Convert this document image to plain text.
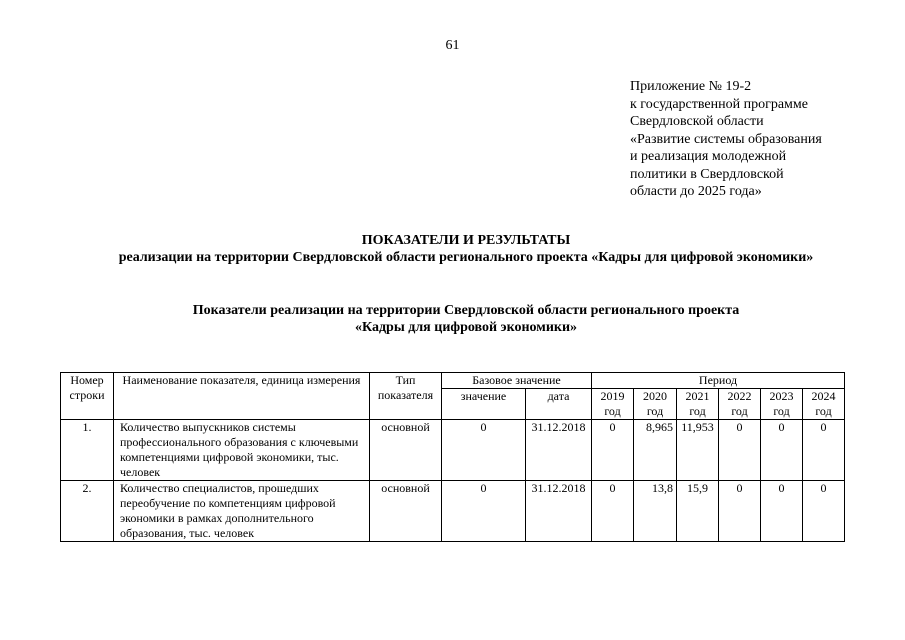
61
Приложение № 19-2
к государственной программе
Свердловской области
«Развитие системы образования
и реализация молодежной
политики в Свердловской
области до 2025 года»
ПОКАЗАТЕЛИ И РЕЗУЛЬТАТЫ
реализации на территории Свердловской области регионального проекта «Кадры для цифровой экономики»
Показатели реализации на территории Свердловской области регионального проекта
«Кадры для цифровой экономики»
Номер строки	Наименование показателя, единица измерения	Тип показателя	Базовое значение		Период					
			значение	дата	2019 год	2020 год	2021 год	2022 год	2023 год	2024 год
1.	Количество выпускников системы профессионального образования с ключевыми компетенциями цифровой экономики, тыс. человек	основной	0	31.12.2018	0	8,965	11,953	0	0	0
2.	Количество специалистов, прошедших переобучение по компетенциям цифровой экономики в рамках дополнительного образования, тыс. человек	основной	0	31.12.2018	0	13,8	15,9	0	0	0
